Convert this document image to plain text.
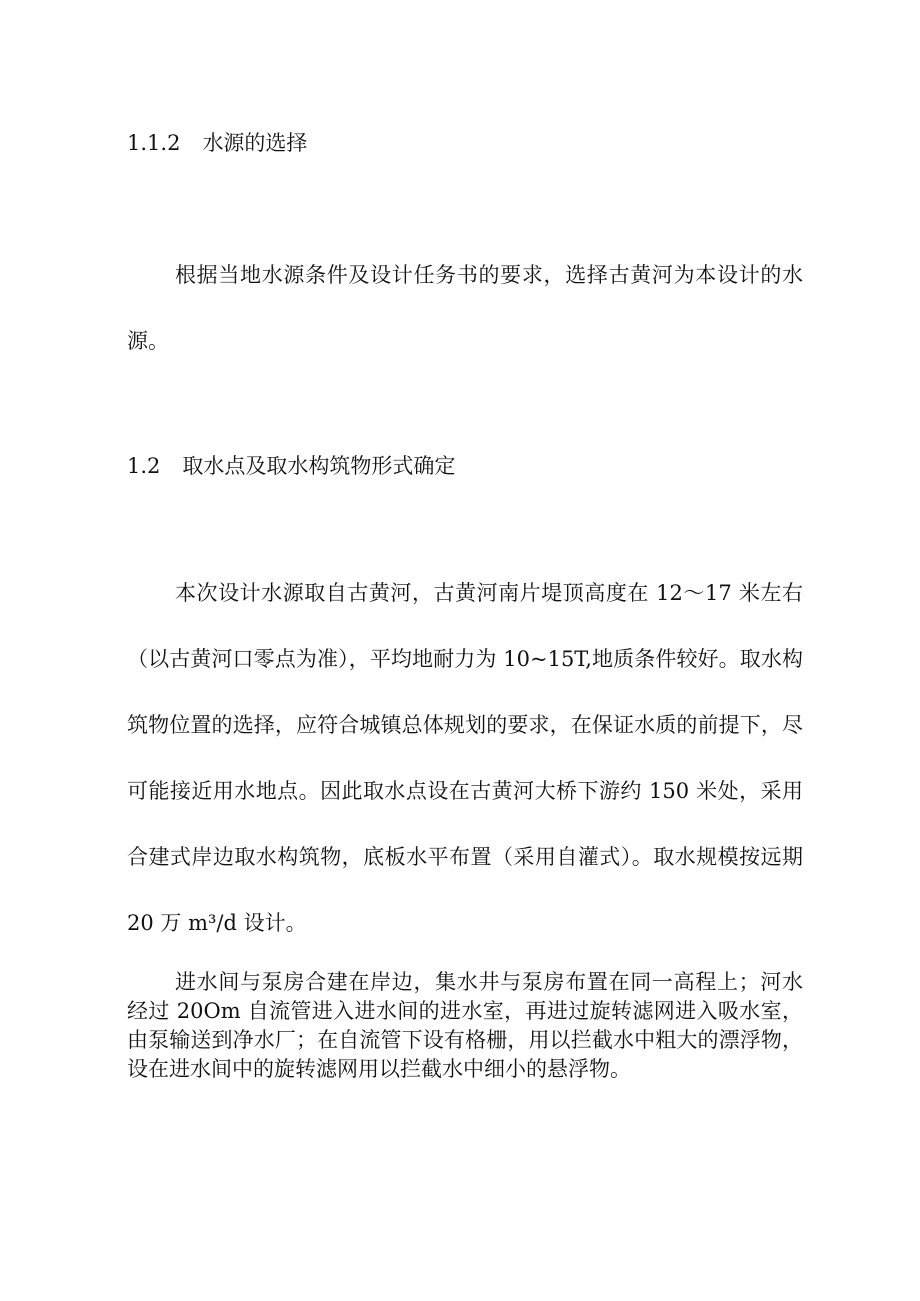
1.1.2 水源的选择

根据当地水源条件及设计任务书的要求，选择古黄河为本设计的水源。

1.2 取水点及取水构筑物形式确定

本次设计水源取自古黄河，古黄河南片堤顶高度在 12～17 米左右（以古黄河口零点为准），平均地耐力为 10~15T,地质条件较好。取水构筑物位置的选择，应符合城镇总体规划的要求，在保证水质的前提下，尽可能接近用水地点。因此取水点设在古黄河大桥下游约 150 米处，采用合建式岸边取水构筑物，底板水平布置（采用自灌式）。取水规模按远期 20 万 m³/d 设计。

进水间与泵房合建在岸边，集水井与泵房布置在同一高程上；河水经过 20Om 自流管进入进水间的进水室，再进过旋转滤网进入吸水室，由泵输送到净水厂；在自流管下设有格栅，用以拦截水中粗大的漂浮物，设在进水间中的旋转滤网用以拦截水中细小的悬浮物。
